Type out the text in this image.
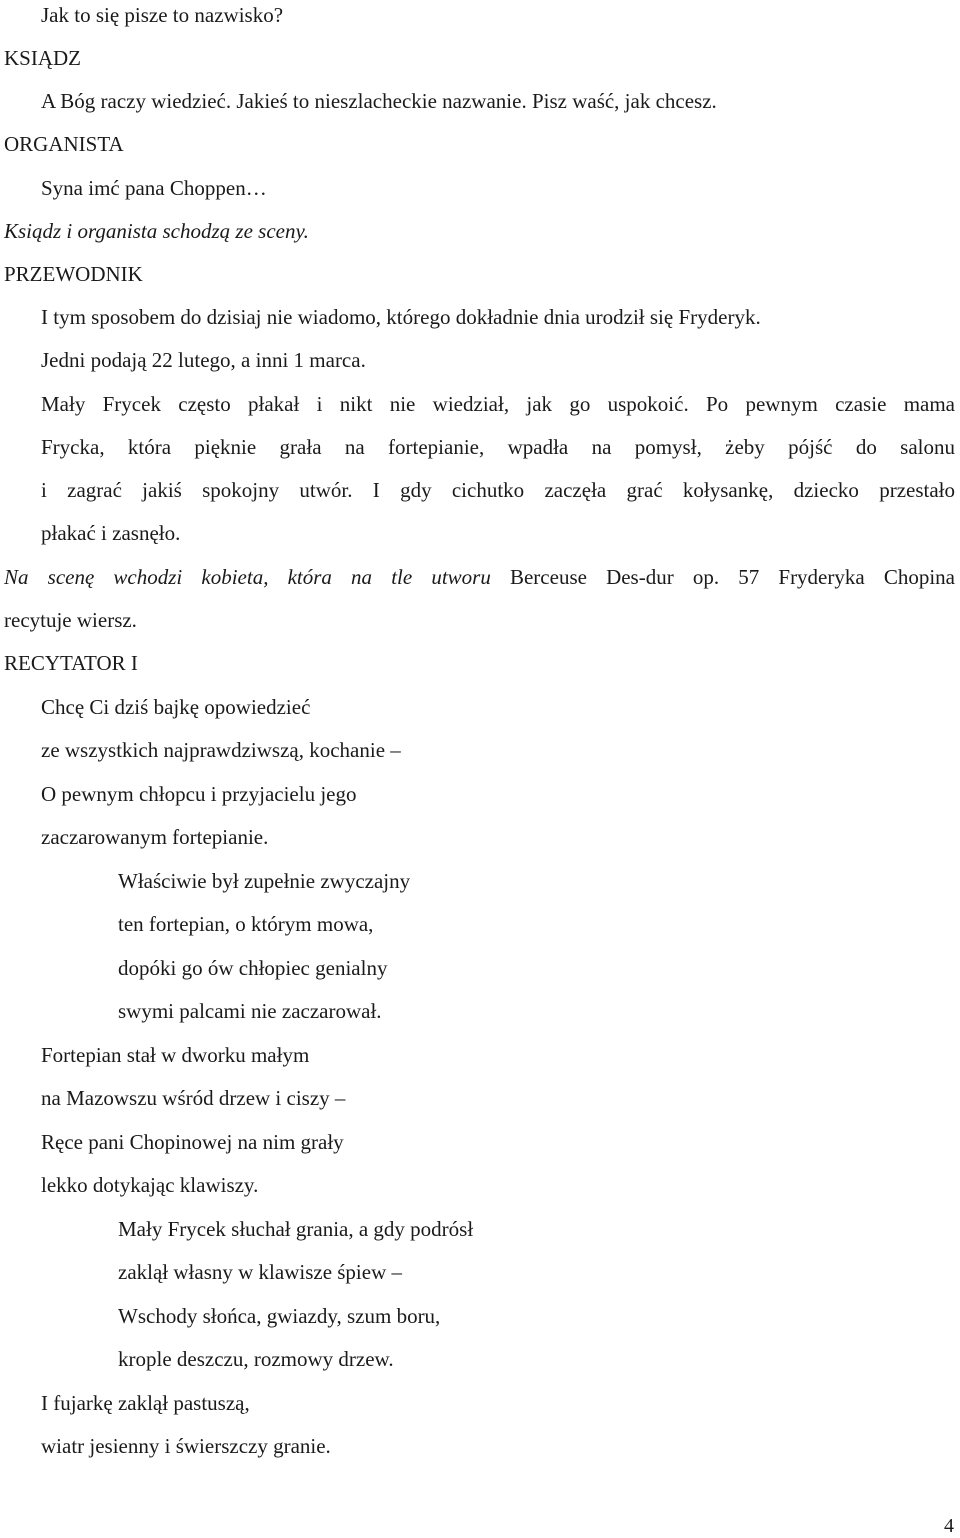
Jak to się pisze to nazwisko?
KSIĄDZ
A Bóg raczy wiedzieć. Jakieś to nieszlacheckie nazwanie. Pisz waść, jak chcesz.
ORGANISTA
Syna imć pana Choppen…
Ksiądz i organista schodzą ze sceny.
PRZEWODNIK
I tym sposobem do dzisiaj nie wiadomo, którego dokładnie dnia urodził się Fryderyk.
Jedni podają 22 lutego, a inni 1 marca.
Mały Frycek często płakał i nikt nie wiedział, jak go uspokoić. Po pewnym czasie mama
Frycka, która pięknie grała na fortepianie, wpadła na pomysł, żeby pójść do salonu
i zagrać jakiś spokojny utwór. I gdy cichutko zaczęła grać kołysankę, dziecko przestało
płakać i zasnęło.
Na scenę wchodzi kobieta, która na tle utworu Berceuse Des-dur op. 57 Fryderyka Chopina
recytuje wiersz.
RECYTATOR I
Chcę Ci dziś bajkę opowiedzieć
ze wszystkich najprawdziwszą, kochanie –
O pewnym chłopcu i przyjacielu jego
zaczarowanym fortepianie.
Właściwie był zupełnie zwyczajny
ten fortepian, o którym mowa,
dopóki go ów chłopiec genialny
swymi palcami nie zaczarował.
Fortepian stał w dworku małym
na Mazowszu wśród drzew i ciszy –
Ręce pani Chopinowej na nim grały
lekko dotykając klawiszy.
Mały Frycek słuchał grania, a gdy podrósł
zaklął własny w klawisze śpiew –
Wschody słońca, gwiazdy, szum boru,
krople deszczu, rozmowy drzew.
I fujarkę zaklął pastuszą,
wiatr jesienny i świerszczy granie.
4
